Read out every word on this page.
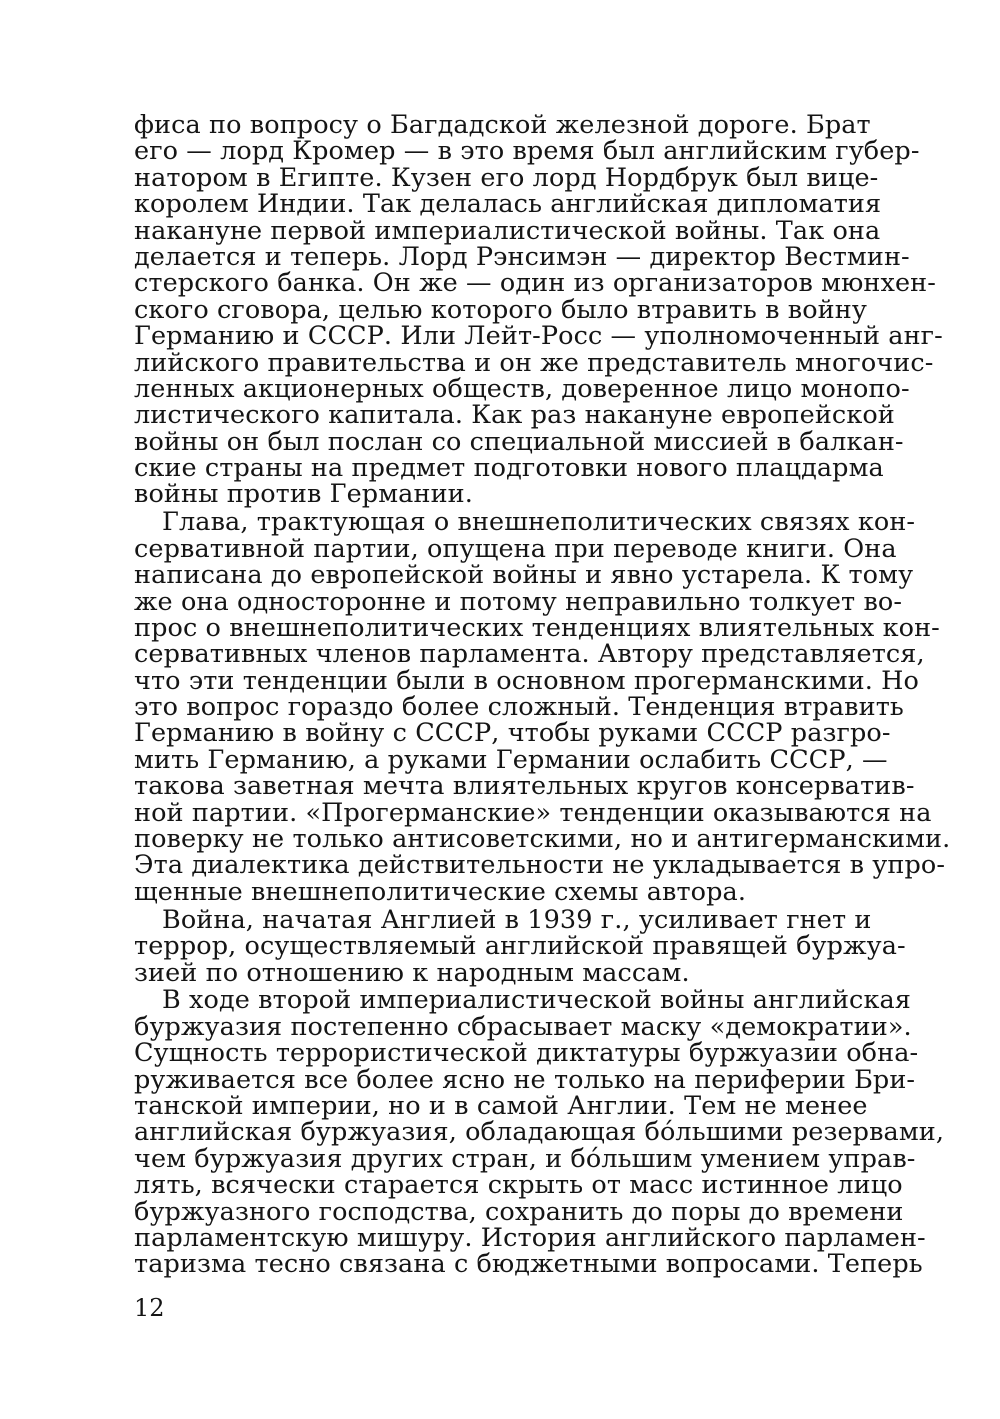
фиса по вопросу о Багдадской железной дороге. Брат
его — лорд Кромер — в это время был английским губер-
натором в Египте. Кузен его лорд Нордбрук был вице-
королем Индии. Так делалась английская дипломатия
накануне первой империалистической войны. Так она
делается и теперь. Лорд Рэнсимэн — директор Вестмин-
стерского банка. Он же — один из организаторов мюнхен-
ского сговора, целью которого было втравить в войну
Германию и СССР. Или Лейт-Росс — уполномоченный анг-
лийского правительства и он же представитель многочис-
ленных акционерных обществ, доверенное лицо монопо-
листического капитала. Как раз накануне европейской
войны он был послан со специальной миссией в балкан-
ские страны на предмет подготовки нового плацдарма
войны против Германии.
Глава, трактующая о внешнеполитических связях кон-
сервативной партии, опущена при переводе книги. Она
написана до европейской войны и явно устарела. К тому
же она односторонне и потому неправильно толкует во-
прос о внешнеполитических тенденциях влиятельных кон-
сервативных членов парламента. Автору представляется,
что эти тенденции были в основном прогерманскими. Но
это вопрос гораздо более сложный. Тенденция втравить
Германию в войну с СССР, чтобы руками СССР разгро-
мить Германию, а руками Германии ослабить СССР, —
такова заветная мечта влиятельных кругов консерватив-
ной партии. «Прогерманские» тенденции оказываются на
поверку не только антисоветскими, но и антигерманскими.
Эта диалектика действительности не укладывается в упро-
щенные внешнеполитические схемы автора.
Война, начатая Англией в 1939 г., усиливает гнет и
террор, осуществляемый английской правящей буржуа-
зией по отношению к народным массам.
В ходе второй империалистической войны английская
буржуазия постепенно сбрасывает маску «демократии».
Сущность террористической диктатуры буржуазии обна-
руживается все более ясно не только на периферии Бри-
танской империи, но и в самой Англии. Тем не менее
английская буржуазия, обладающая бо́льшими резервами,
чем буржуазия других стран, и бо́льшим умением управ-
лять, всячески старается скрыть от масс истинное лицо
буржуазного господства, сохранить до поры до времени
парламентскую мишуру. История английского парламен-
таризма тесно связана с бюджетными вопросами. Теперь
12
